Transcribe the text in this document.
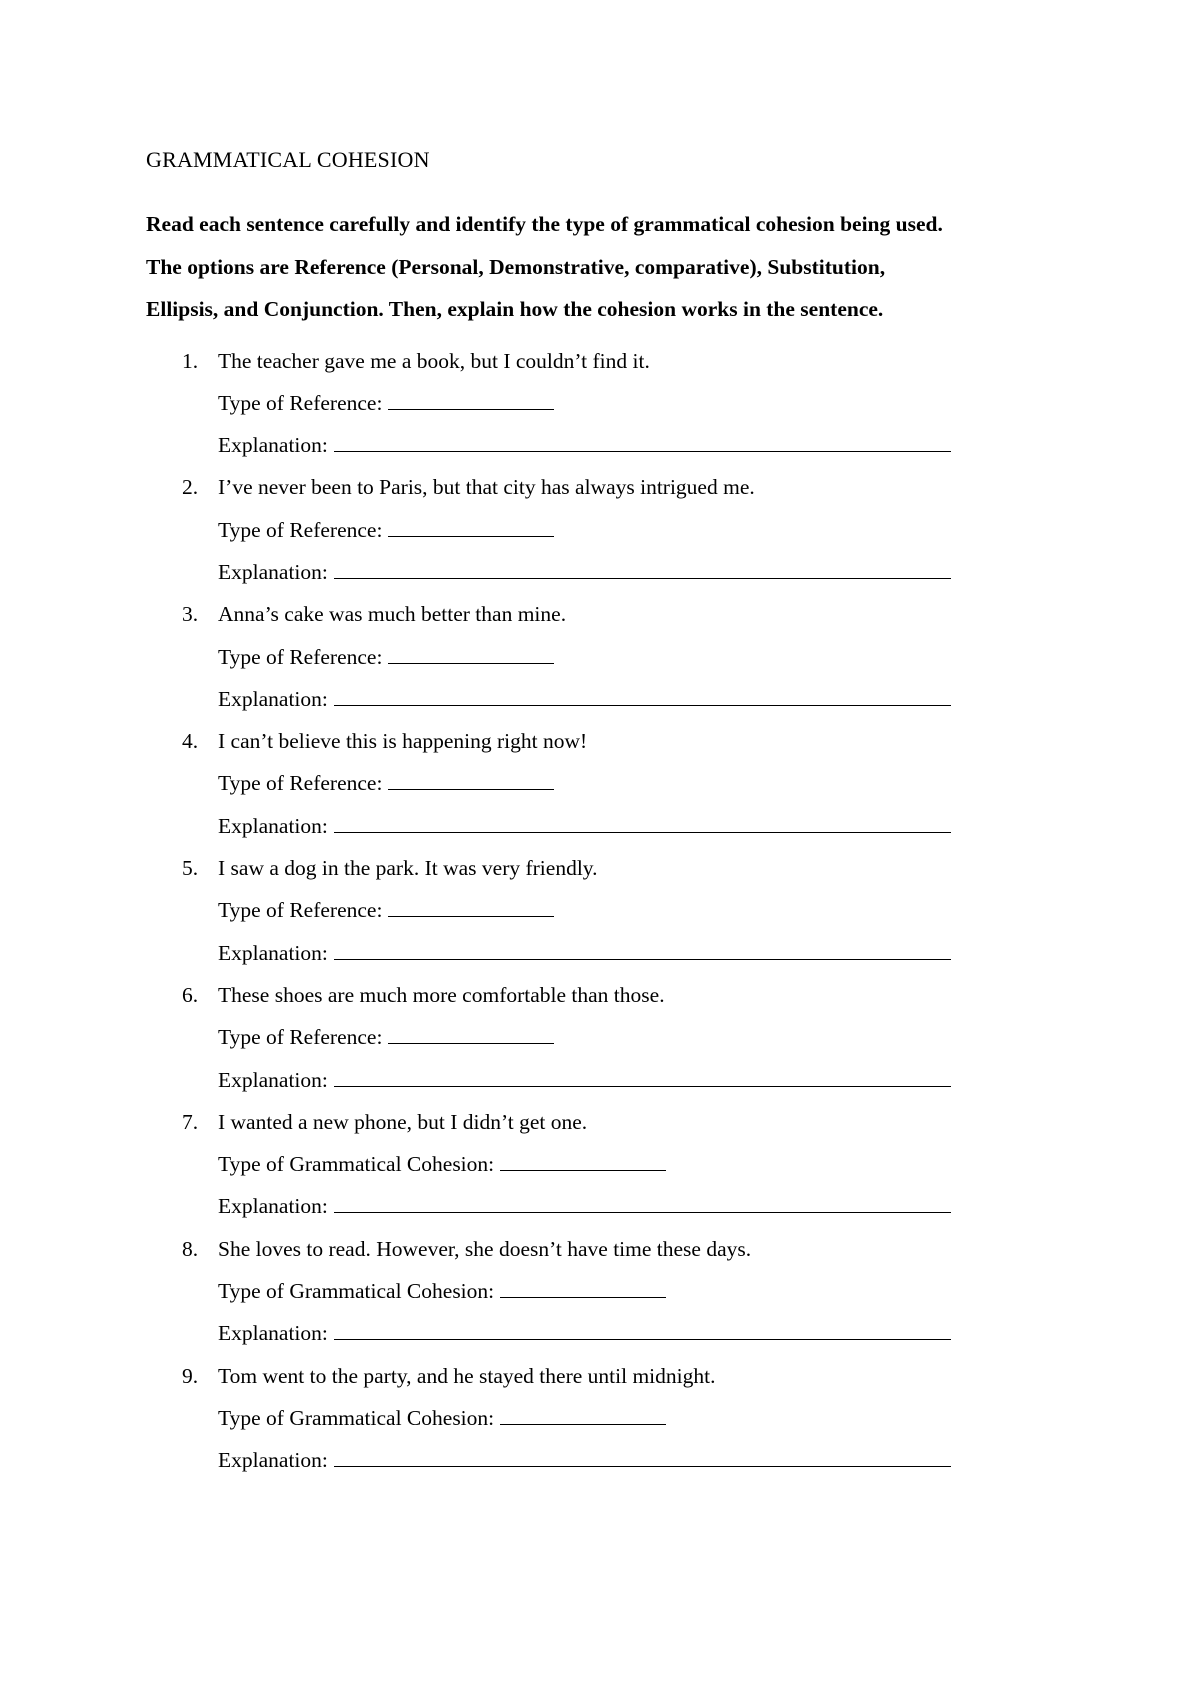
GRAMMATICAL COHESION
Read each sentence carefully and identify the type of grammatical cohesion being used.
The options are Reference (Personal, Demonstrative, comparative), Substitution,
Ellipsis, and Conjunction. Then, explain how the cohesion works in the sentence.
1. The teacher gave me a book, but I couldn’t find it.
Type of Reference:
Explanation:
2. I’ve never been to Paris, but that city has always intrigued me.
Type of Reference:
Explanation:
3. Anna’s cake was much better than mine.
Type of Reference:
Explanation:
4. I can’t believe this is happening right now!
Type of Reference:
Explanation:
5. I saw a dog in the park. It was very friendly.
Type of Reference:
Explanation:
6. These shoes are much more comfortable than those.
Type of Reference:
Explanation:
7. I wanted a new phone, but I didn’t get one.
Type of Grammatical Cohesion:
Explanation:
8. She loves to read. However, she doesn’t have time these days.
Type of Grammatical Cohesion:
Explanation:
9. Tom went to the party, and he stayed there until midnight.
Type of Grammatical Cohesion:
Explanation:
